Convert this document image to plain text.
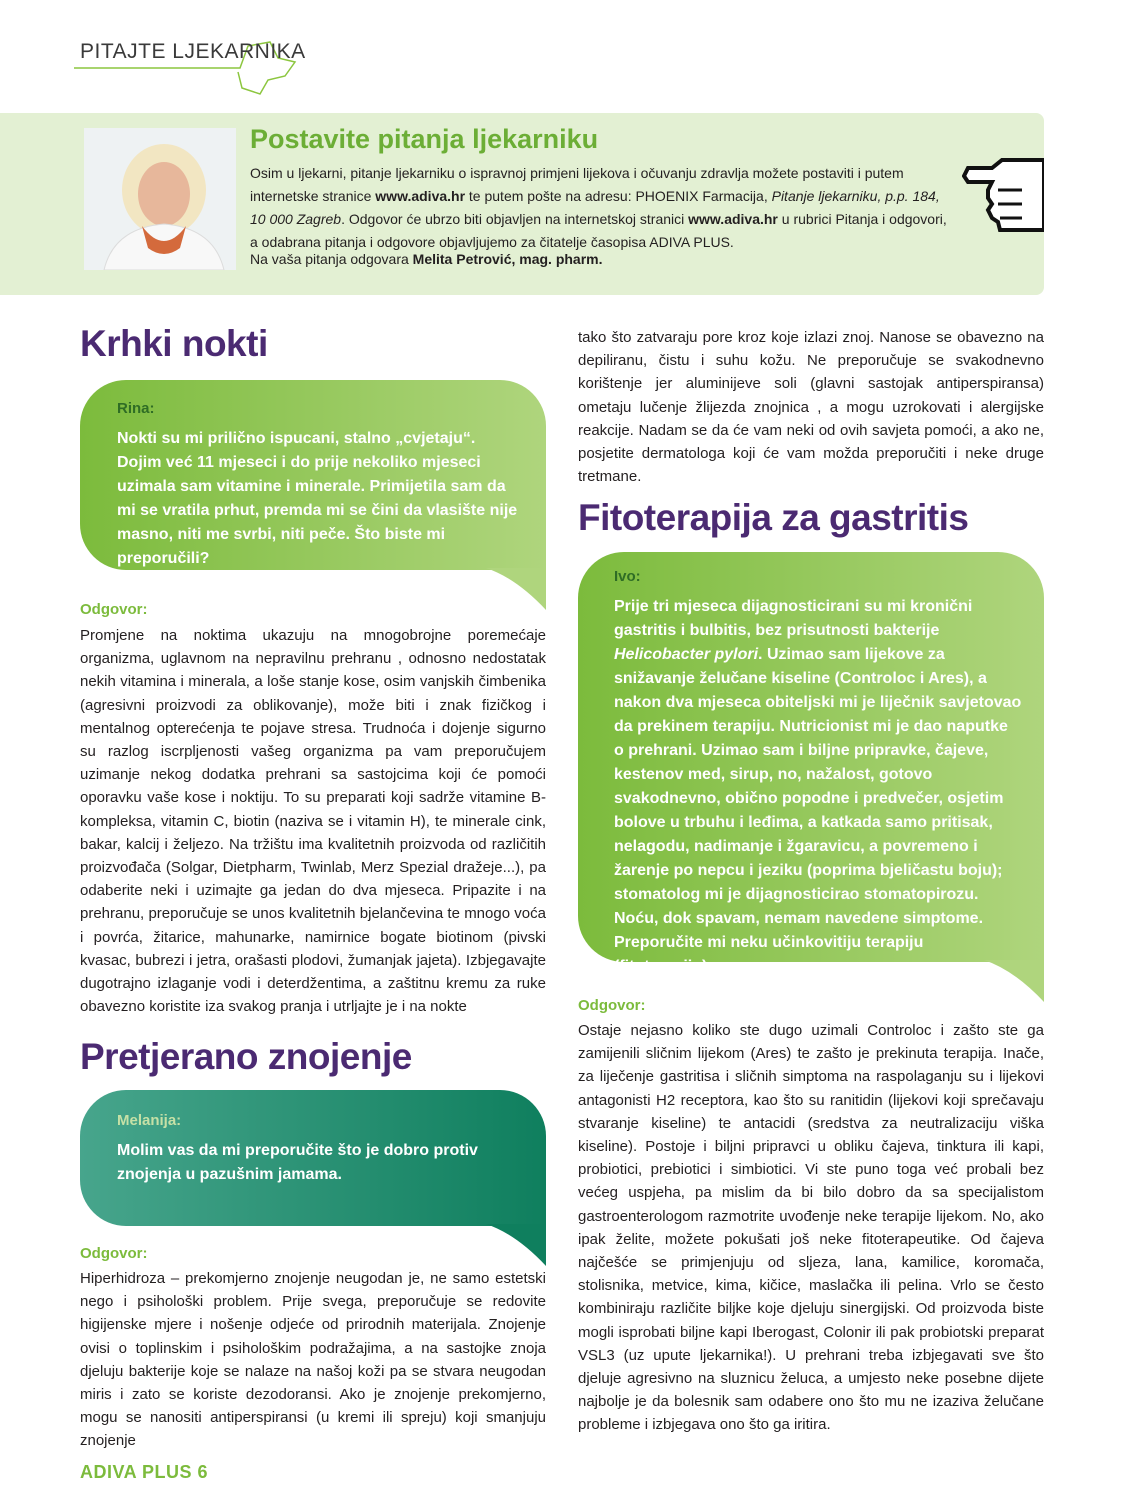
PITAJTE LJEKARNIKA
Postavite pitanja ljekarniku
Osim u ljekarni, pitanje ljekarniku o ispravnoj primjeni lijekova i očuvanju zdravlja možete postaviti i putem internetske stranice www.adiva.hr te putem pošte na adresu: PHOENIX Farmacija, Pitanje ljekarniku, p.p. 184, 10 000 Zagreb. Odgovor će ubrzo biti objavljen na internetskoj stranici www.adiva.hr u rubrici Pitanja i odgovori, a odabrana pitanja i odgovore objavljujemo za čitatelje časopisa ADIVA PLUS.
Na vaša pitanja odgovara Melita Petrović, mag. pharm.
Krhki nokti
Rina:
Nokti su mi prilično ispucani, stalno „cvjetaju“. Dojim već 11 mjeseci i do prije nekoliko mjeseci uzimala sam vitamine i minerale. Primijetila sam da mi se vratila prhut, premda mi se čini da vlasište nije masno, niti me svrbi, niti peče. Što biste mi preporučili?
Odgovor:
Promjene na noktima ukazuju na mnogobrojne poremećaje organizma, uglavnom na nepravilnu prehranu , odnosno nedostatak nekih vitamina i minerala, a loše stanje kose, osim vanjskih čimbenika (agresivni proizvodi za oblikovanje), može biti i znak fizičkog i mentalnog opterećenja te pojave stresa. Trudnoća i dojenje sigurno su razlog iscrpljenosti vašeg organizma pa vam preporučujem uzimanje nekog dodatka prehrani sa sastojcima koji će pomoći oporavku vaše kose i noktiju. To su preparati koji sadrže vitamine B-kompleksa, vitamin C, biotin (naziva se i vitamin H), te minerale cink, bakar, kalcij i željezo. Na tržištu ima kvalitetnih proizvoda od različitih proizvođača (Solgar, Dietpharm, Twinlab, Merz Spezial dražeje...), pa odaberite neki i uzimajte ga jedan do dva mjeseca. Pripazite i na prehranu, preporučuje se unos kvalitetnih bjelančevina te mnogo voća i povrća, žitarice, mahunarke, namirnice bogate biotinom (pivski kvasac, bubrezi i jetra, orašasti plodovi, žumanjak jajeta). Izbjegavajte dugotrajno izlaganje vodi i deterdžentima, a zaštitnu kremu za ruke obavezno koristite iza svakog pranja i utrljajte je i na nokte
Pretjerano znojenje
Melanija:
Molim vas da mi preporučite što je dobro protiv znojenja u pazušnim jamama.
Odgovor:
Hiperhidroza – prekomjerno znojenje neugodan je, ne samo estetski nego i psihološki problem. Prije svega, preporučuje se redovite higijenske mjere i nošenje odjeće od prirodnih materijala. Znojenje ovisi o toplinskim i psihološkim podražajima, a na sastojke znoja djeluju bakterije koje se nalaze na našoj koži pa se stvara neugodan miris i zato se koriste dezodoransi. Ako je znojenje prekomjerno, mogu se nanositi antiperspiransi (u kremi ili spreju) koji smanjuju znojenje
tako što zatvaraju pore kroz koje izlazi znoj. Nanose se obavezno na depiliranu, čistu i suhu kožu. Ne preporučuje se svakodnevno korištenje jer aluminijeve soli (glavni sastojak antiperspiransa) ometaju lučenje žlijezda znojnica , a mogu uzrokovati i alergijske reakcije. Nadam se da će vam neki od ovih savjeta pomoći, a ako ne, posjetite dermatologa koji će vam možda preporučiti i neke druge tretmane.
Fitoterapija za gastritis
Ivo:
Prije tri mjeseca dijagnosticirani su mi kronični gastritis i bulbitis, bez prisutnosti bakterije Helicobacter pylori. Uzimao sam lijekove za snižavanje želučane kiseline (Controloc i Ares), a nakon dva mjeseca obiteljski mi je liječnik savjetovao da prekinem terapiju. Nutricionist mi je dao naputke o prehrani. Uzimao sam i biljne pripravke, čajeve, kestenov med, sirup, no, nažalost, gotovo svakodnevno, obično popodne i predvečer, osjetim bolove u trbuhu i leđima, a katkada samo pritisak, nelagodu, nadimanje i žgaravicu, a povremeno i žarenje po nepcu i jeziku (poprima bjeličastu boju); stomatolog mi je dijagnosticirao stomatopirozu. Noću, dok spavam, nemam navedene simptome. Preporučite mi neku učinkovitiju terapiju (fitoterapiju).
Odgovor:
Ostaje nejasno koliko ste dugo uzimali Controloc i zašto ste ga zamijenili sličnim lijekom (Ares) te zašto je prekinuta terapija. Inače, za liječenje gastritisa i sličnih simptoma na raspolaganju su i lijekovi antagonisti H2 receptora, kao što su ranitidin (lijekovi koji sprečavaju stvaranje kiseline) te antacidi (sredstva za neutralizaciju viška kiseline). Postoje i biljni pripravci u obliku čajeva, tinktura ili kapi, probiotici, prebiotici i simbiotici. Vi ste puno toga već probali bez većeg uspjeha, pa mislim da bi bilo dobro da sa specijalistom gastroenterologom razmotrite uvođenje neke terapije lijekom. No, ako ipak želite, možete pokušati još neke fitoterapeutike. Od čajeva najčešće se primjenjuju od sljeza, lana, kamilice, koromača, stolisnika, metvice, kima, kičice, maslačka ili pelina. Vrlo se često kombiniraju različite biljke koje djeluju sinergijski. Od proizvoda biste mogli isprobati biljne kapi Iberogast, Colonir ili pak probiotski preparat VSL3 (uz upute ljekarnika!). U prehrani treba izbjegavati sve što djeluje agresivno na sluznicu želuca, a umjesto neke posebne dijete najbolje je da bolesnik sam odabere ono što mu ne izaziva želučane probleme i izbjegava ono što ga iritira.
ADIVA PLUS 6
